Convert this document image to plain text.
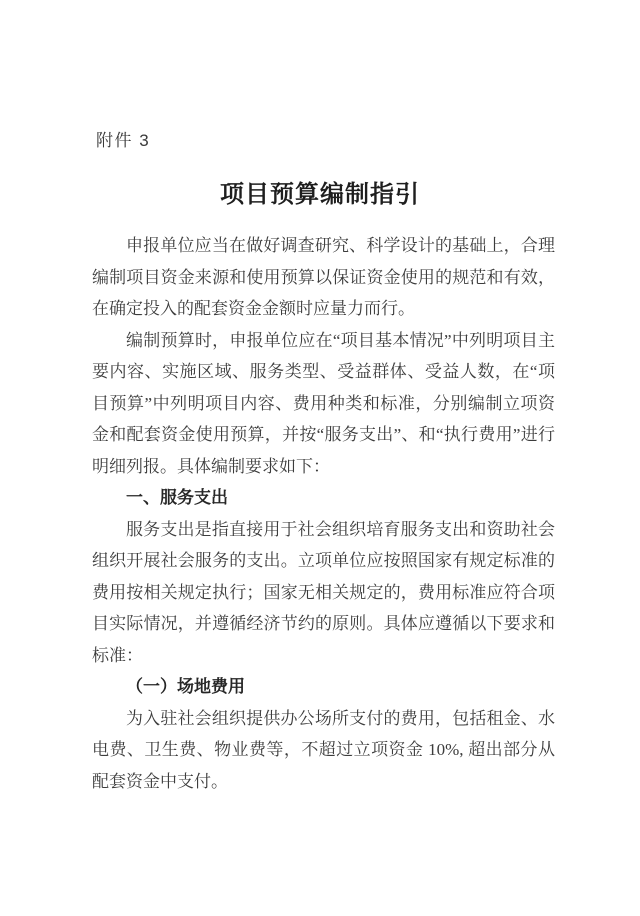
附件 3
项目预算编制指引

申报单位应当在做好调查研究、科学设计的基础上，合理编制项目资金来源和使用预算以保证资金使用的规范和有效，在确定投入的配套资金金额时应量力而行。

编制预算时，申报单位应在“项目基本情况”中列明项目主要内容、实施区域、服务类型、受益群体、受益人数，在“项目预算”中列明项目内容、费用种类和标准，分别编制立项资金和配套资金使用预算，并按“服务支出”、和“执行费用”进行明细列报。具体编制要求如下：

一、服务支出

服务支出是指直接用于社会组织培育服务支出和资助社会 组织开展社会服务的支出。立项单位应按照国家有规定标准的费用按相关规定执行；国家无相关规定的，费用标准应符合项目实际情况，并遵循经济节约的原则。具体应遵循以下要求和标准：

（一）场地费用

为入驻社会组织提供办公场所支付的费用，包括租金、水电费、卫生费、物业费等，不超过立项资金 10%, 超出部分从配套资金中支付。
